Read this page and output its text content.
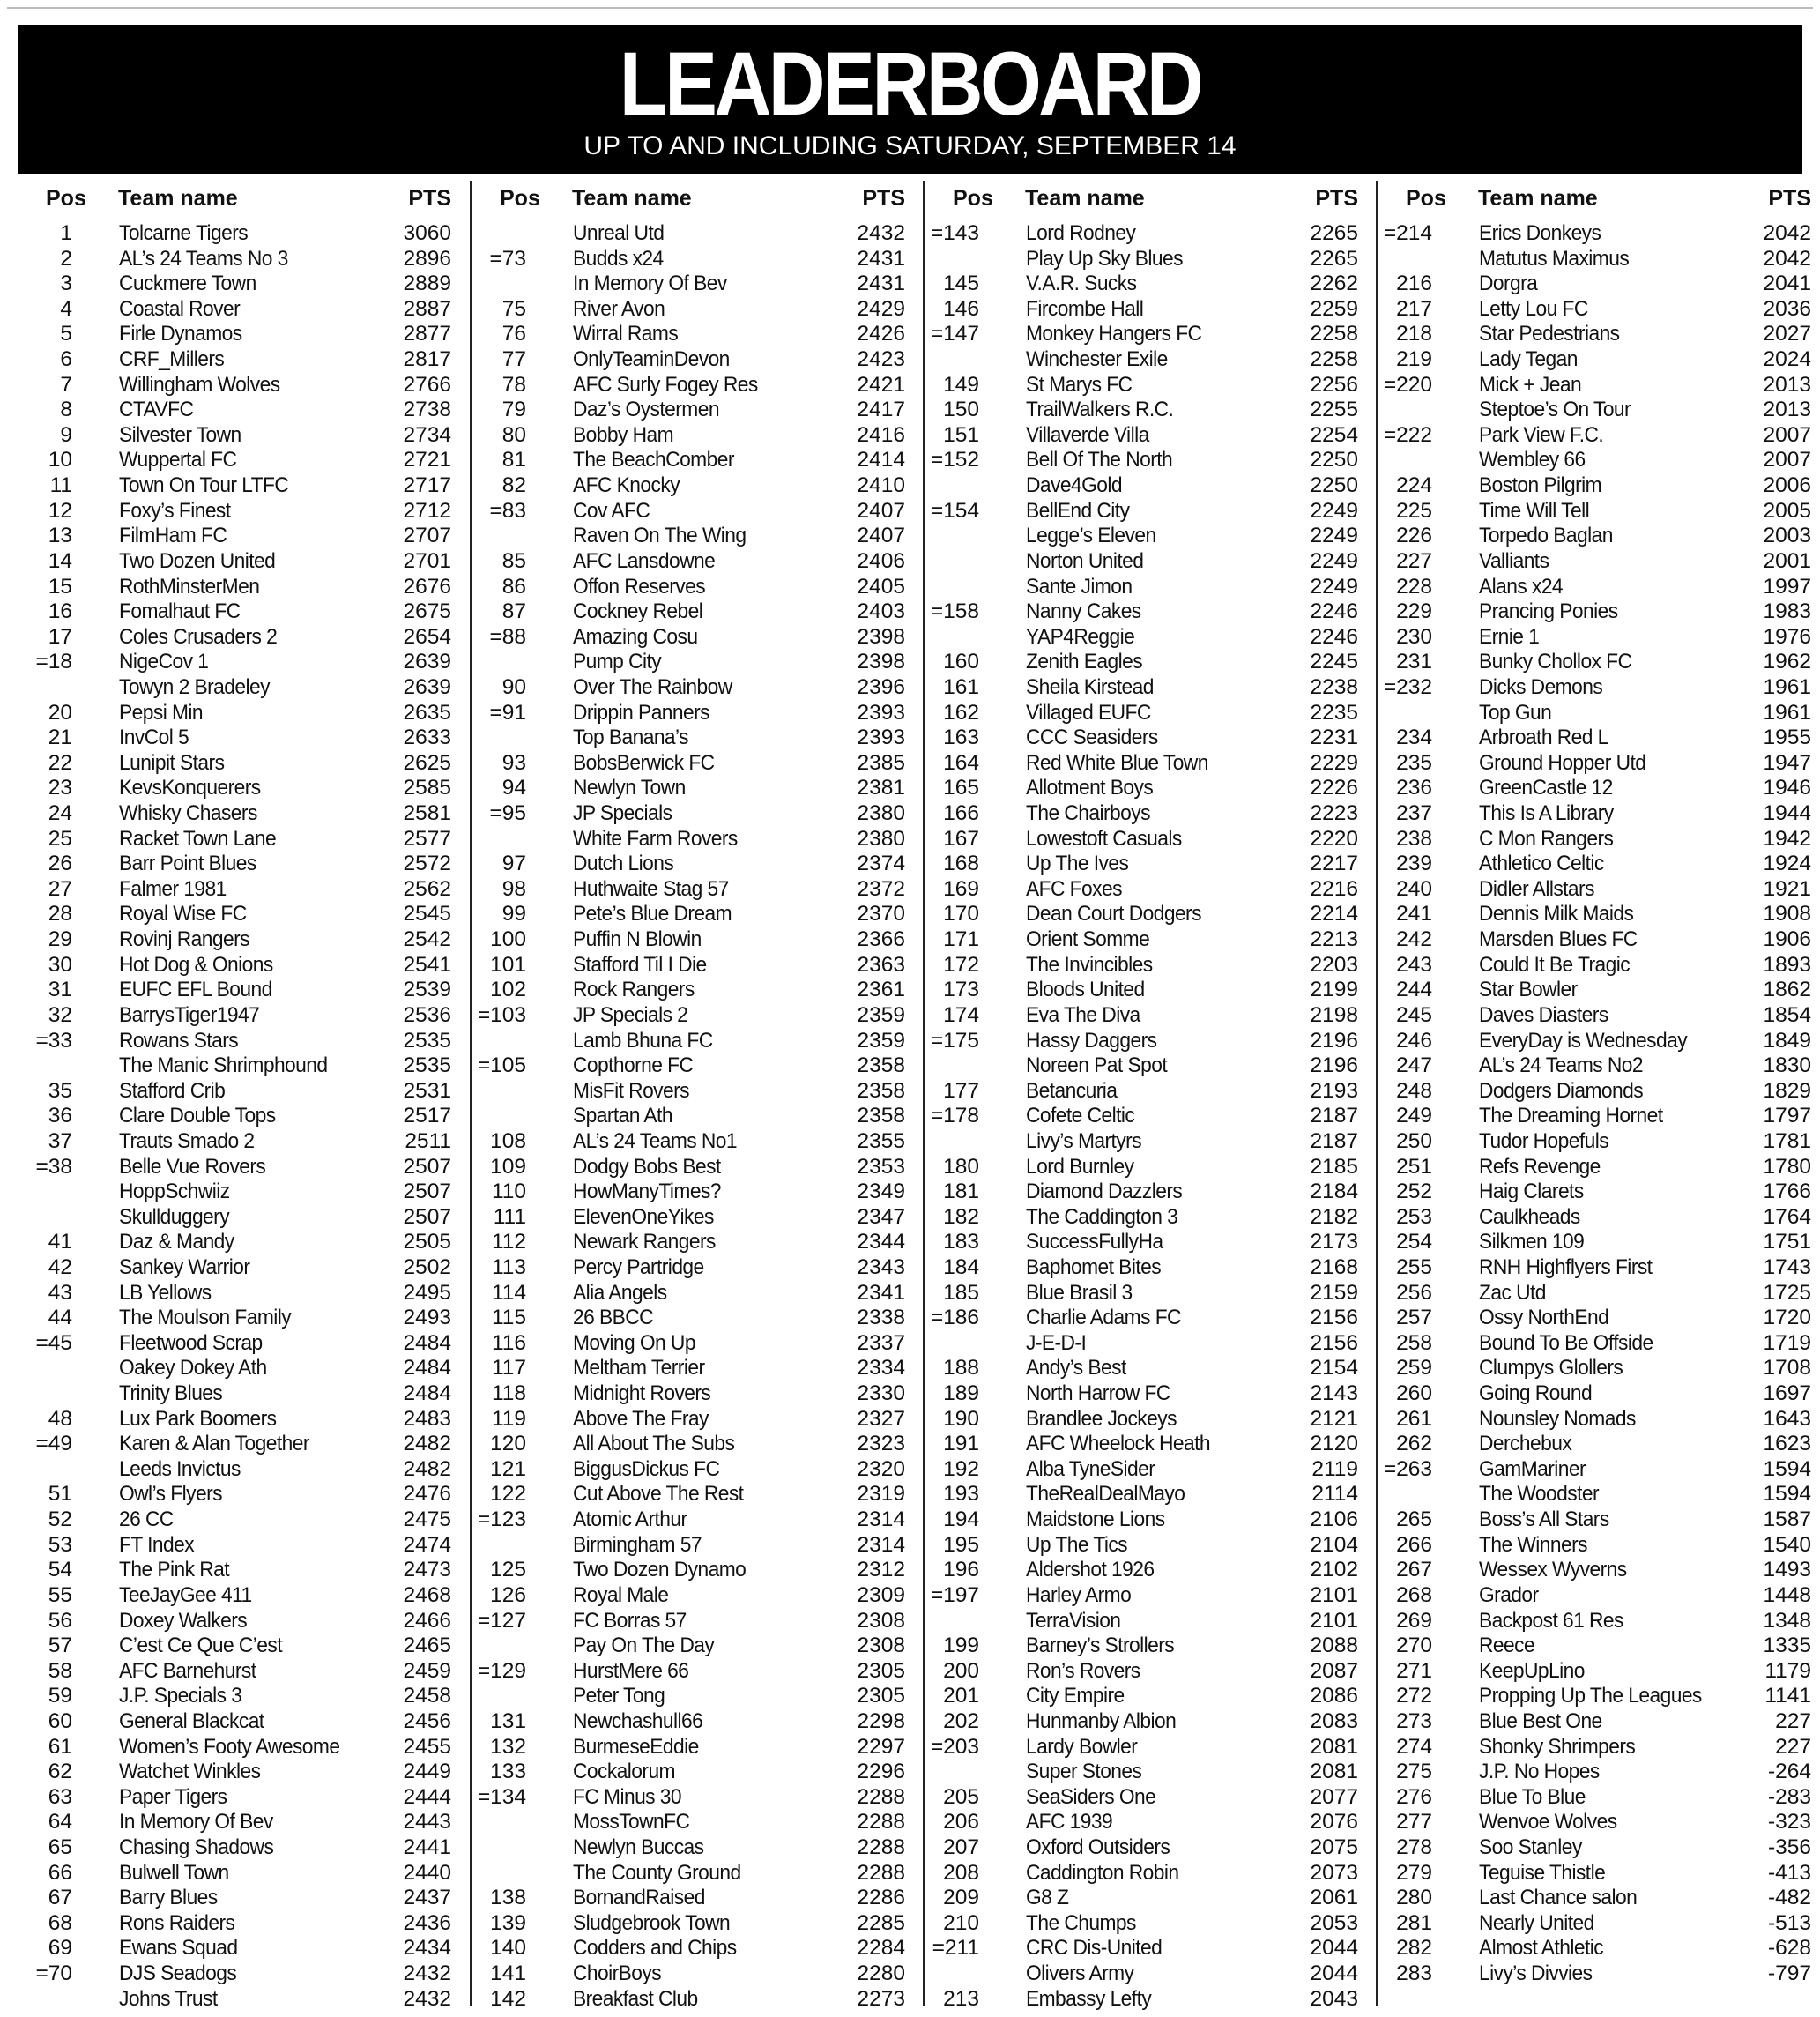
LEADERBOARD
UP TO AND INCLUDING SATURDAY, SEPTEMBER 14
Pos Team name	PTS
1 Tolcarne Tigers	3060
2 AL’s 24 Teams No 3	2896
3 Cuckmere Town	2889
4 Coastal Rover	2887
5 Firle Dynamos	2877
6 CRF_Millers	2817
7 Willingham Wolves	2766
8 CTAVFC	2738
9 Silvester Town	2734
10 Wuppertal FC	2721
11 Town On Tour LTFC	2717
12 Foxy’s Finest	2712
13 FilmHam FC	2707
14 Two Dozen United	2701
15 RothMinsterMen	2676
16 Fomalhaut FC	2675
17 Coles Crusaders 2	2654
=18 NigeCov 1	2639
Towyn 2 Bradeley	2639
20 Pepsi Min	2635
21 InvCol 5	2633
22 Lunipit Stars	2625
23 KevsKonquerers	2585
24 Whisky Chasers	2581
25 Racket Town Lane	2577
26 Barr Point Blues	2572
27 Falmer 1981	2562
28 Royal Wise FC	2545
29 Rovinj Rangers	2542
30 Hot Dog & Onions	2541
31 EUFC EFL Bound	2539
32 BarrysTiger1947	2536
=33 Rowans Stars	2535
The Manic Shrimphound	2535
35 Stafford Crib	2531
36 Clare Double Tops	2517
37 Trauts Smado 2	2511
=38 Belle Vue Rovers	2507
HoppSchwiiz	2507
Skullduggery	2507
41 Daz & Mandy	2505
42 Sankey Warrior	2502
43 LB Yellows	2495
44 The Moulson Family	2493
=45 Fleetwood Scrap	2484
Oakey Dokey Ath	2484
Trinity Blues	2484
48 Lux Park Boomers	2483
=49 Karen & Alan Together	2482
Leeds Invictus	2482
51 Owl’s Flyers	2476
52 26 CC	2475
53 FT Index	2474
54 The Pink Rat	2473
55 TeeJayGee 411	2468
56 Doxey Walkers	2466
57 C’est Ce Que C’est	2465
58 AFC Barnehurst	2459
59 J.P. Specials 3	2458
60 General Blackcat	2456
61 Women’s Footy Awesome	2455
62 Watchet Winkles	2449
63 Paper Tigers	2444
64 In Memory Of Bev	2443
65 Chasing Shadows	2441
66 Bulwell Town	2440
67 Barry Blues	2437
68 Rons Raiders	2436
69 Ewans Squad	2434
=70 DJS Seadogs	2432
Johns Trust	2432
Pos Team name	PTS
Unreal Utd	2432
=73 Budds x24	2431
In Memory Of Bev	2431
75 River Avon	2429
76 Wirral Rams	2426
77 OnlyTeaminDevon	2423
78 AFC Surly Fogey Res	2421
79 Daz’s Oystermen	2417
80 Bobby Ham	2416
81 The BeachComber	2414
82 AFC Knocky	2410
=83 Cov AFC	2407
Raven On The Wing	2407
85 AFC Lansdowne	2406
86 Offon Reserves	2405
87 Cockney Rebel	2403
=88 Amazing Cosu	2398
Pump City	2398
90 Over The Rainbow	2396
=91 Drippin Panners	2393
Top Banana’s	2393
93 BobsBerwick FC	2385
94 Newlyn Town	2381
=95 JP Specials	2380
White Farm Rovers	2380
97 Dutch Lions	2374
98 Huthwaite Stag 57	2372
99 Pete’s Blue Dream	2370
100 Puffin N Blowin	2366
101 Stafford Til I Die	2363
102 Rock Rangers	2361
=103 JP Specials 2	2359
Lamb Bhuna FC	2359
=105 Copthorne FC	2358
MisFit Rovers	2358
Spartan Ath	2358
108 AL’s 24 Teams No1	2355
109 Dodgy Bobs Best	2353
110 HowManyTimes?	2349
111 ElevenOneYikes	2347
112 Newark Rangers	2344
113 Percy Partridge	2343
114 Alia Angels	2341
115 26 BBCC	2338
116 Moving On Up	2337
117 Meltham Terrier	2334
118 Midnight Rovers	2330
119 Above The Fray	2327
120 All About The Subs	2323
121 BiggusDickus FC	2320
122 Cut Above The Rest	2319
=123 Atomic Arthur	2314
Birmingham 57	2314
125 Two Dozen Dynamo	2312
126 Royal Male	2309
=127 FC Borras 57	2308
Pay On The Day	2308
=129 HurstMere 66	2305
Peter Tong	2305
131 Newchashull66	2298
132 BurmeseEddie	2297
133 Cockalorum	2296
=134 FC Minus 30	2288
MossTownFC	2288
Newlyn Buccas	2288
The County Ground	2288
138 BornandRaised	2286
139 Sludgebrook Town	2285
140 Codders and Chips	2284
141 ChoirBoys	2280
142 Breakfast Club	2273
Pos Team name	PTS
=143 Lord Rodney	2265
Play Up Sky Blues	2265
145 V.A.R. Sucks	2262
146 Fircombe Hall	2259
=147 Monkey Hangers FC	2258
Winchester Exile	2258
149 St Marys FC	2256
150 TrailWalkers R.C.	2255
151 Villaverde Villa	2254
=152 Bell Of The North	2250
Dave4Gold	2250
=154 BellEnd City	2249
Legge’s Eleven	2249
Norton United	2249
Sante Jimon	2249
=158 Nanny Cakes	2246
YAP4Reggie	2246
160 Zenith Eagles	2245
161 Sheila Kirstead	2238
162 Villaged EUFC	2235
163 CCC Seasiders	2231
164 Red White Blue Town	2229
165 Allotment Boys	2226
166 The Chairboys	2223
167 Lowestoft Casuals	2220
168 Up The Ives	2217
169 AFC Foxes	2216
170 Dean Court Dodgers	2214
171 Orient Somme	2213
172 The Invincibles	2203
173 Bloods United	2199
174 Eva The Diva	2198
=175 Hassy Daggers	2196
Noreen Pat Spot	2196
177 Betancuria	2193
=178 Cofete Celtic	2187
Livy’s Martyrs	2187
180 Lord Burnley	2185
181 Diamond Dazzlers	2184
182 The Caddington 3	2182
183 SuccessFullyHa	2173
184 Baphomet Bites	2168
185 Blue Brasil 3	2159
=186 Charlie Adams FC	2156
J-E-D-I	2156
188 Andy’s Best	2154
189 North Harrow FC	2143
190 Brandlee Jockeys	2121
191 AFC Wheelock Heath	2120
192 Alba TyneSider	2119
193 TheRealDealMayo	2114
194 Maidstone Lions	2106
195 Up The Tics	2104
196 Aldershot 1926	2102
=197 Harley Armo	2101
TerraVision	2101
199 Barney’s Strollers	2088
200 Ron’s Rovers	2087
201 City Empire	2086
202 Hunmanby Albion	2083
=203 Lardy Bowler	2081
Super Stones	2081
205 SeaSiders One	2077
206 AFC 1939	2076
207 Oxford Outsiders	2075
208 Caddington Robin	2073
209 G8 Z	2061
210 The Chumps	2053
=211 CRC Dis-United	2044
Olivers Army	2044
213 Embassy Lefty	2043
Pos Team name	PTS
=214 Erics Donkeys	2042
Matutus Maximus	2042
216 Dorgra	2041
217 Letty Lou FC	2036
218 Star Pedestrians	2027
219 Lady Tegan	2024
=220 Mick + Jean	2013
Steptoe’s On Tour	2013
=222 Park View F.C.	2007
Wembley 66	2007
224 Boston Pilgrim	2006
225 Time Will Tell	2005
226 Torpedo Baglan	2003
227 Valliants	2001
228 Alans x24	1997
229 Prancing Ponies	1983
230 Ernie 1	1976
231 Bunky Chollox FC	1962
=232 Dicks Demons	1961
Top Gun	1961
234 Arbroath Red L	1955
235 Ground Hopper Utd	1947
236 GreenCastle 12	1946
237 This Is A Library	1944
238 C Mon Rangers	1942
239 Athletico Celtic	1924
240 Didler Allstars	1921
241 Dennis Milk Maids	1908
242 Marsden Blues FC	1906
243 Could It Be Tragic	1893
244 Star Bowler	1862
245 Daves Diasters	1854
246 EveryDay is Wednesday	1849
247 AL’s 24 Teams No2	1830
248 Dodgers Diamonds	1829
249 The Dreaming Hornet	1797
250 Tudor Hopefuls	1781
251 Refs Revenge	1780
252 Haig Clarets	1766
253 Caulkheads	1764
254 Silkmen 109	1751
255 RNH Highflyers First	1743
256 Zac Utd	1725
257 Ossy NorthEnd	1720
258 Bound To Be Offside	1719
259 Clumpys Glollers	1708
260 Going Round	1697
261 Nounsley Nomads	1643
262 Derchebux	1623
=263 GamMariner	1594
The Woodster	1594
265 Boss’s All Stars	1587
266 The Winners	1540
267 Wessex Wyverns	1493
268 Grador	1448
269 Backpost 61 Res	1348
270 Reece	1335
271 KeepUpLino	1179
272 Propping Up The Leagues	1141
273 Blue Best One	227
274 Shonky Shrimpers	227
275 J.P. No Hopes	-264
276 Blue To Blue	-283
277 Wenvoe Wolves	-323
278 Soo Stanley	-356
279 Teguise Thistle	-413
280 Last Chance salon	-482
281 Nearly United	-513
282 Almost Athletic	-628
283 Livy’s Divvies	-797
